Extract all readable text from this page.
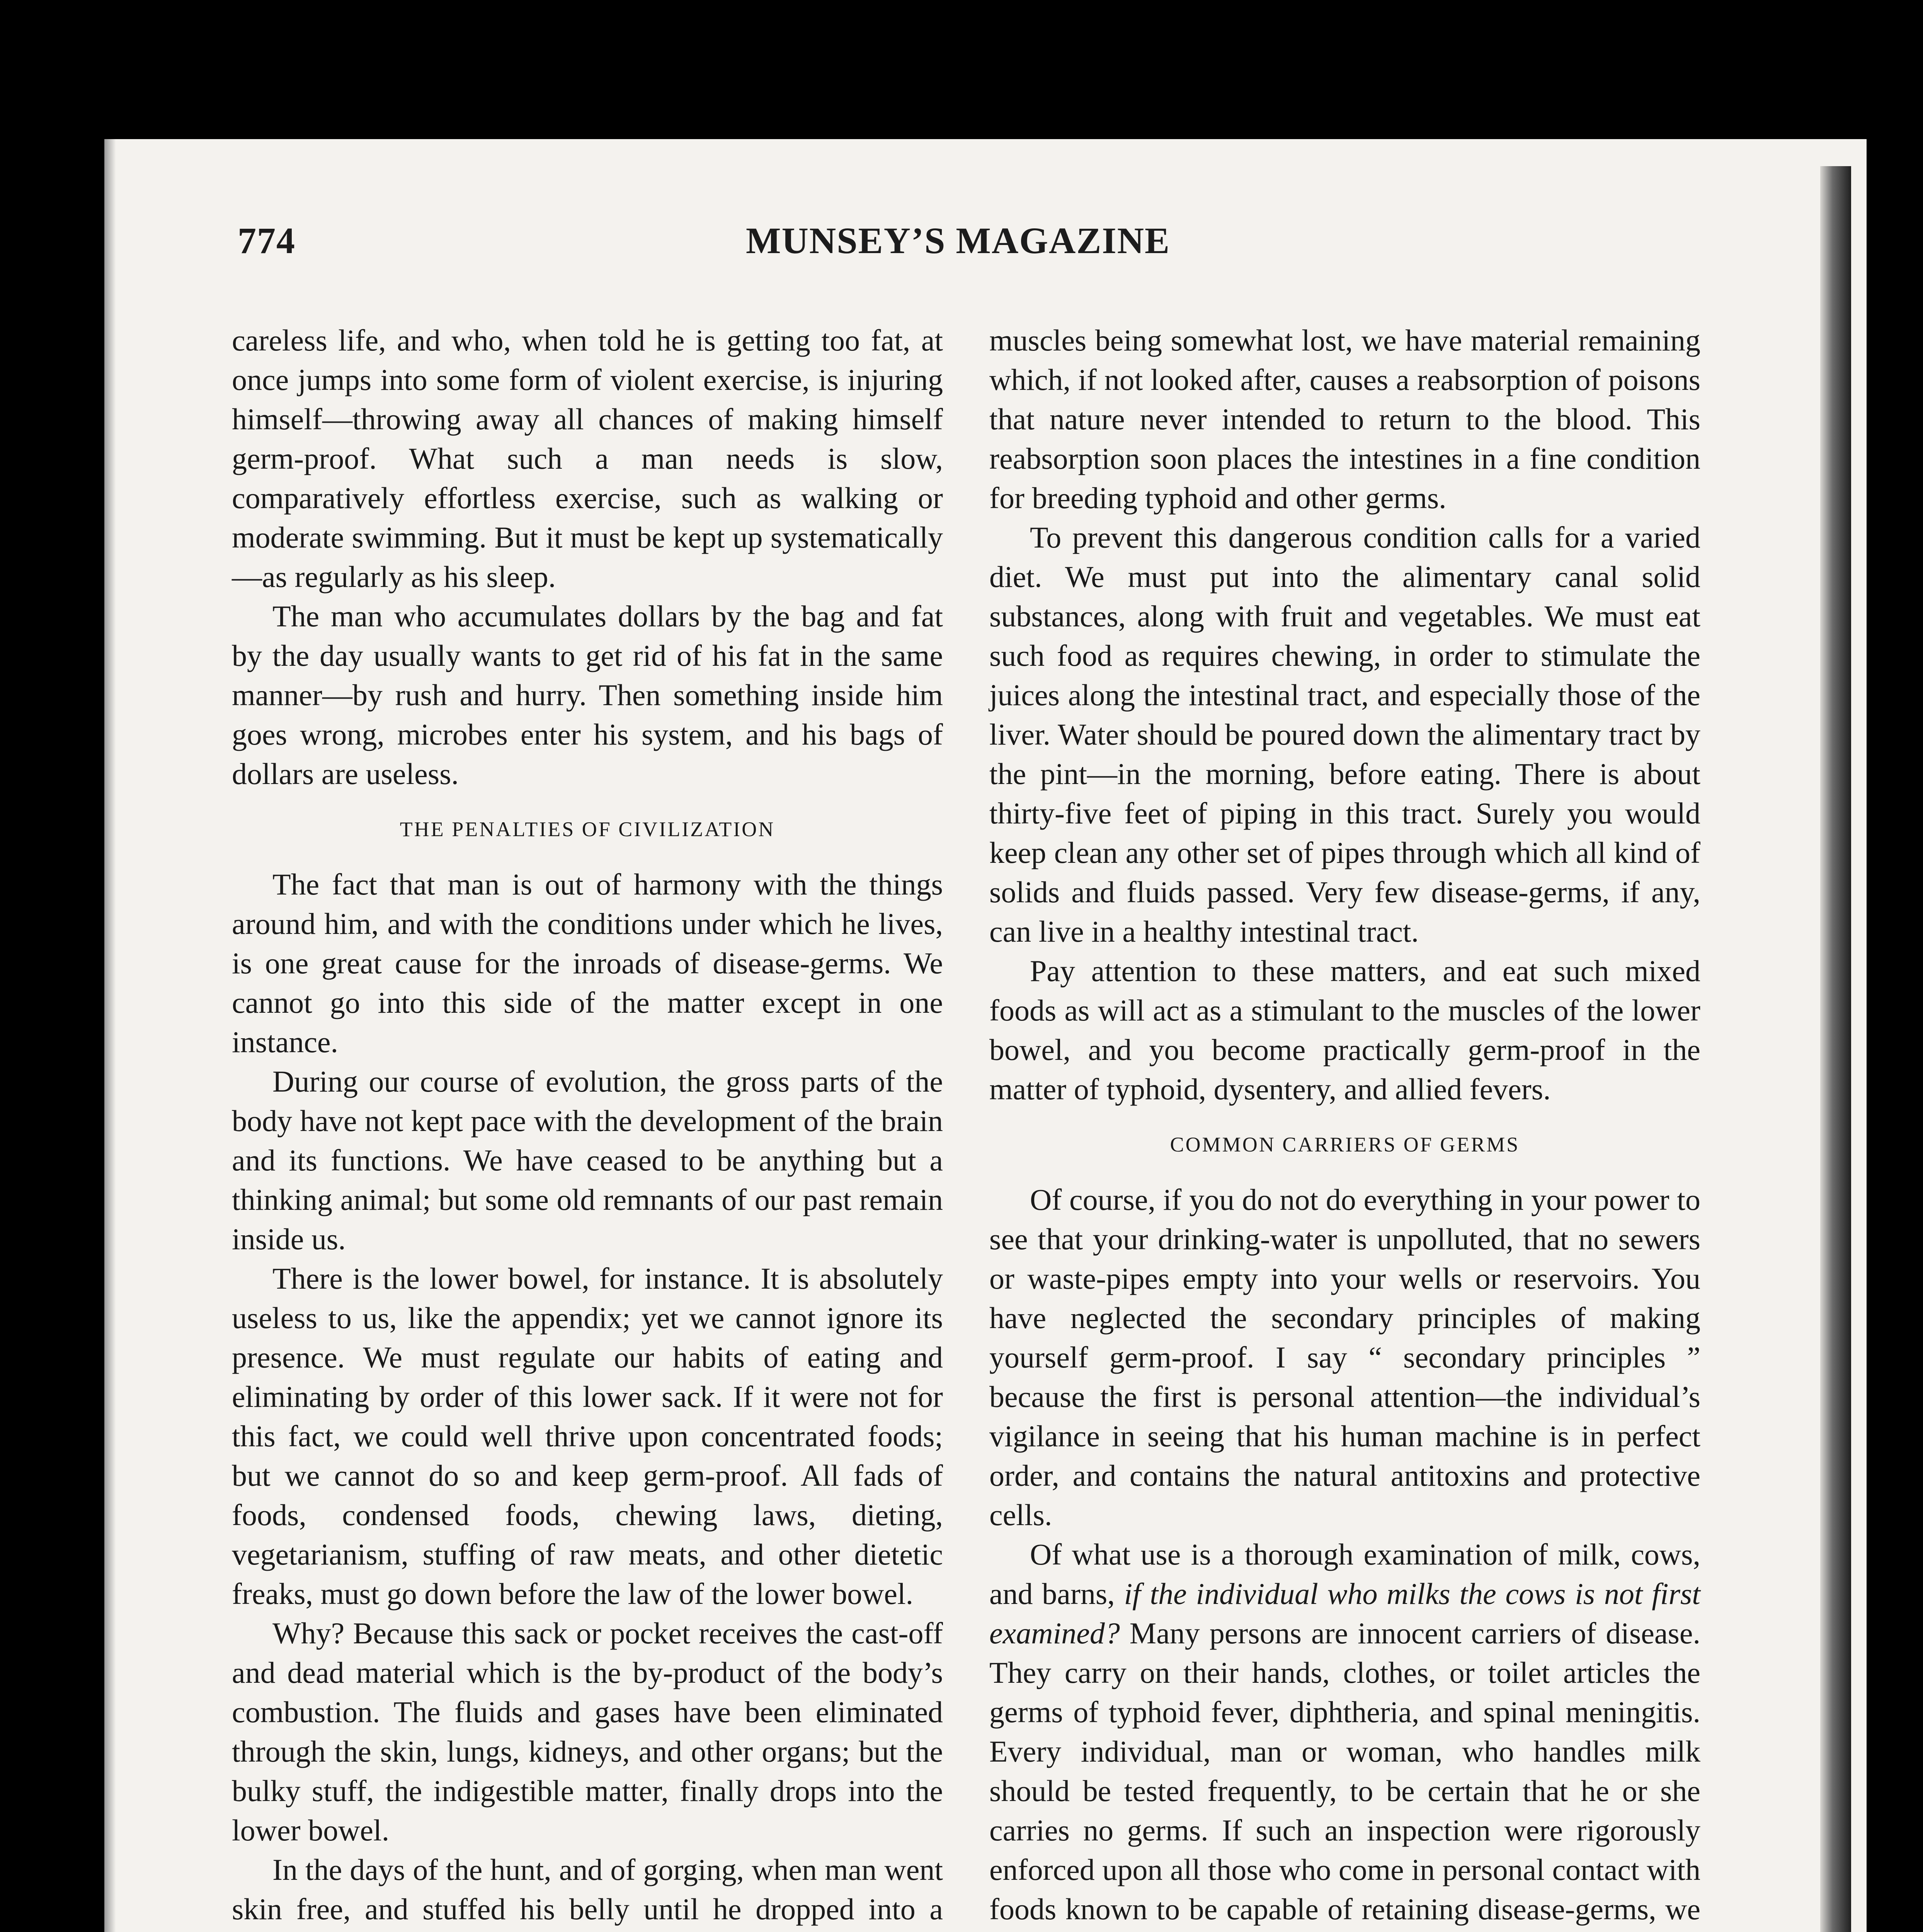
774	MUNSEY’S MAGAZINE

careless life, and who, when told he is getting too fat, at once jumps into some form of violent exercise, is injuring himself—throwing away all chances of making himself germ-proof. What such a man needs is slow, comparatively effortless exercise, such as walking or moderate swimming. But it must be kept up systematically—as regularly as his sleep.

The man who accumulates dollars by the bag and fat by the day usually wants to get rid of his fat in the same manner—by rush and hurry. Then something inside him goes wrong, microbes enter his system, and his bags of dollars are useless.

THE PENALTIES OF CIVILIZATION

The fact that man is out of harmony with the things around him, and with the conditions under which he lives, is one great cause for the inroads of disease-germs. We cannot go into this side of the matter except in one instance.

During our course of evolution, the gross parts of the body have not kept pace with the development of the brain and its functions. We have ceased to be anything but a thinking animal; but some old remnants of our past remain inside us.

There is the lower bowel, for instance. It is absolutely useless to us, like the appendix; yet we cannot ignore its presence. We must regulate our habits of eating and eliminating by order of this lower sack. If it were not for this fact, we could well thrive upon concentrated foods; but we cannot do so and keep germ-proof. All fads of foods, condensed foods, chewing laws, dieting, vegetarianism, stuffing of raw meats, and other dietetic freaks, must go down before the law of the lower bowel.

Why? Because this sack or pocket receives the cast-off and dead material which is the by-product of the body’s combustion. The fluids and gases have been eliminated through the skin, lungs, kidneys, and other organs; but the bulky stuff, the indigestible matter, finally drops into the lower bowel.

In the days of the hunt, and of gorging, when man went skin free, and stuffed his belly until he dropped into a

muscles being somewhat lost, we have material remaining which, if not looked after, causes a reabsorption of poisons that nature never intended to return to the blood. This reabsorption soon places the intestines in a fine condition for breeding typhoid and other germs.

To prevent this dangerous condition calls for a varied diet. We must put into the alimentary canal solid substances, along with fruit and vegetables. We must eat such food as requires chewing, in order to stimulate the juices along the intestinal tract, and especially those of the liver. Water should be poured down the alimentary tract by the pint—in the morning, before eating. There is about thirty-five feet of piping in this tract. Surely you would keep clean any other set of pipes through which all kind of solids and fluids passed. Very few disease-germs, if any, can live in a healthy intestinal tract.

Pay attention to these matters, and eat such mixed foods as will act as a stimulant to the muscles of the lower bowel, and you become practically germ-proof in the matter of typhoid, dysentery, and allied fevers.

COMMON CARRIERS OF GERMS

Of course, if you do not do everything in your power to see that your drinking-water is unpolluted, that no sewers or waste-pipes empty into your wells or reservoirs. You have neglected the secondary principles of making yourself germ-proof. I say “ secondary principles ” because the first is personal attention—the individual’s vigilance in seeing that his human machine is in perfect order, and contains the natural antitoxins and protective cells.

Of what use is a thorough examination of milk, cows, and barns, if the individual who milks the cows is not first examined? Many persons are innocent carriers of disease. They carry on their hands, clothes, or toilet articles the germs of typhoid fever, diphtheria, and spinal meningitis. Every individual, man or woman, who handles milk should be tested frequently, to be certain that he or she carries no germs. If such an inspection were rigorously enforced upon all those who come in personal contact with foods known to be capable of retaining disease-germs, we
